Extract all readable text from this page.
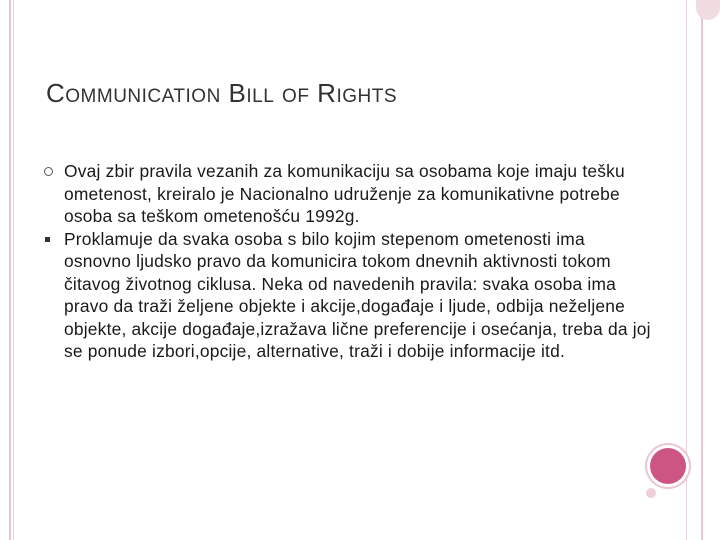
COMMUNICATION BILL OF RIGHTS
Ovaj zbir pravila vezanih za komunikaciju sa osobama koje imaju tešku ometenost, kreiralo je Nacionalno udruženje za komunikativne potrebe osoba sa teškom ometenošću 1992g.
Proklamuje da svaka osoba s bilo kojim stepenom ometenosti ima osnovno ljudsko pravo da komunicira tokom dnevnih aktivnosti tokom čitavog životnog ciklusa. Neka od navedenih pravila: svaka osoba ima pravo da traži željene objekte i akcije,događaje i ljude, odbija neželjene objekte, akcije događaje,izražava lične preferencije i osećanja, treba da joj se ponude izbori,opcije, alternative, traži i dobije informacije itd.
